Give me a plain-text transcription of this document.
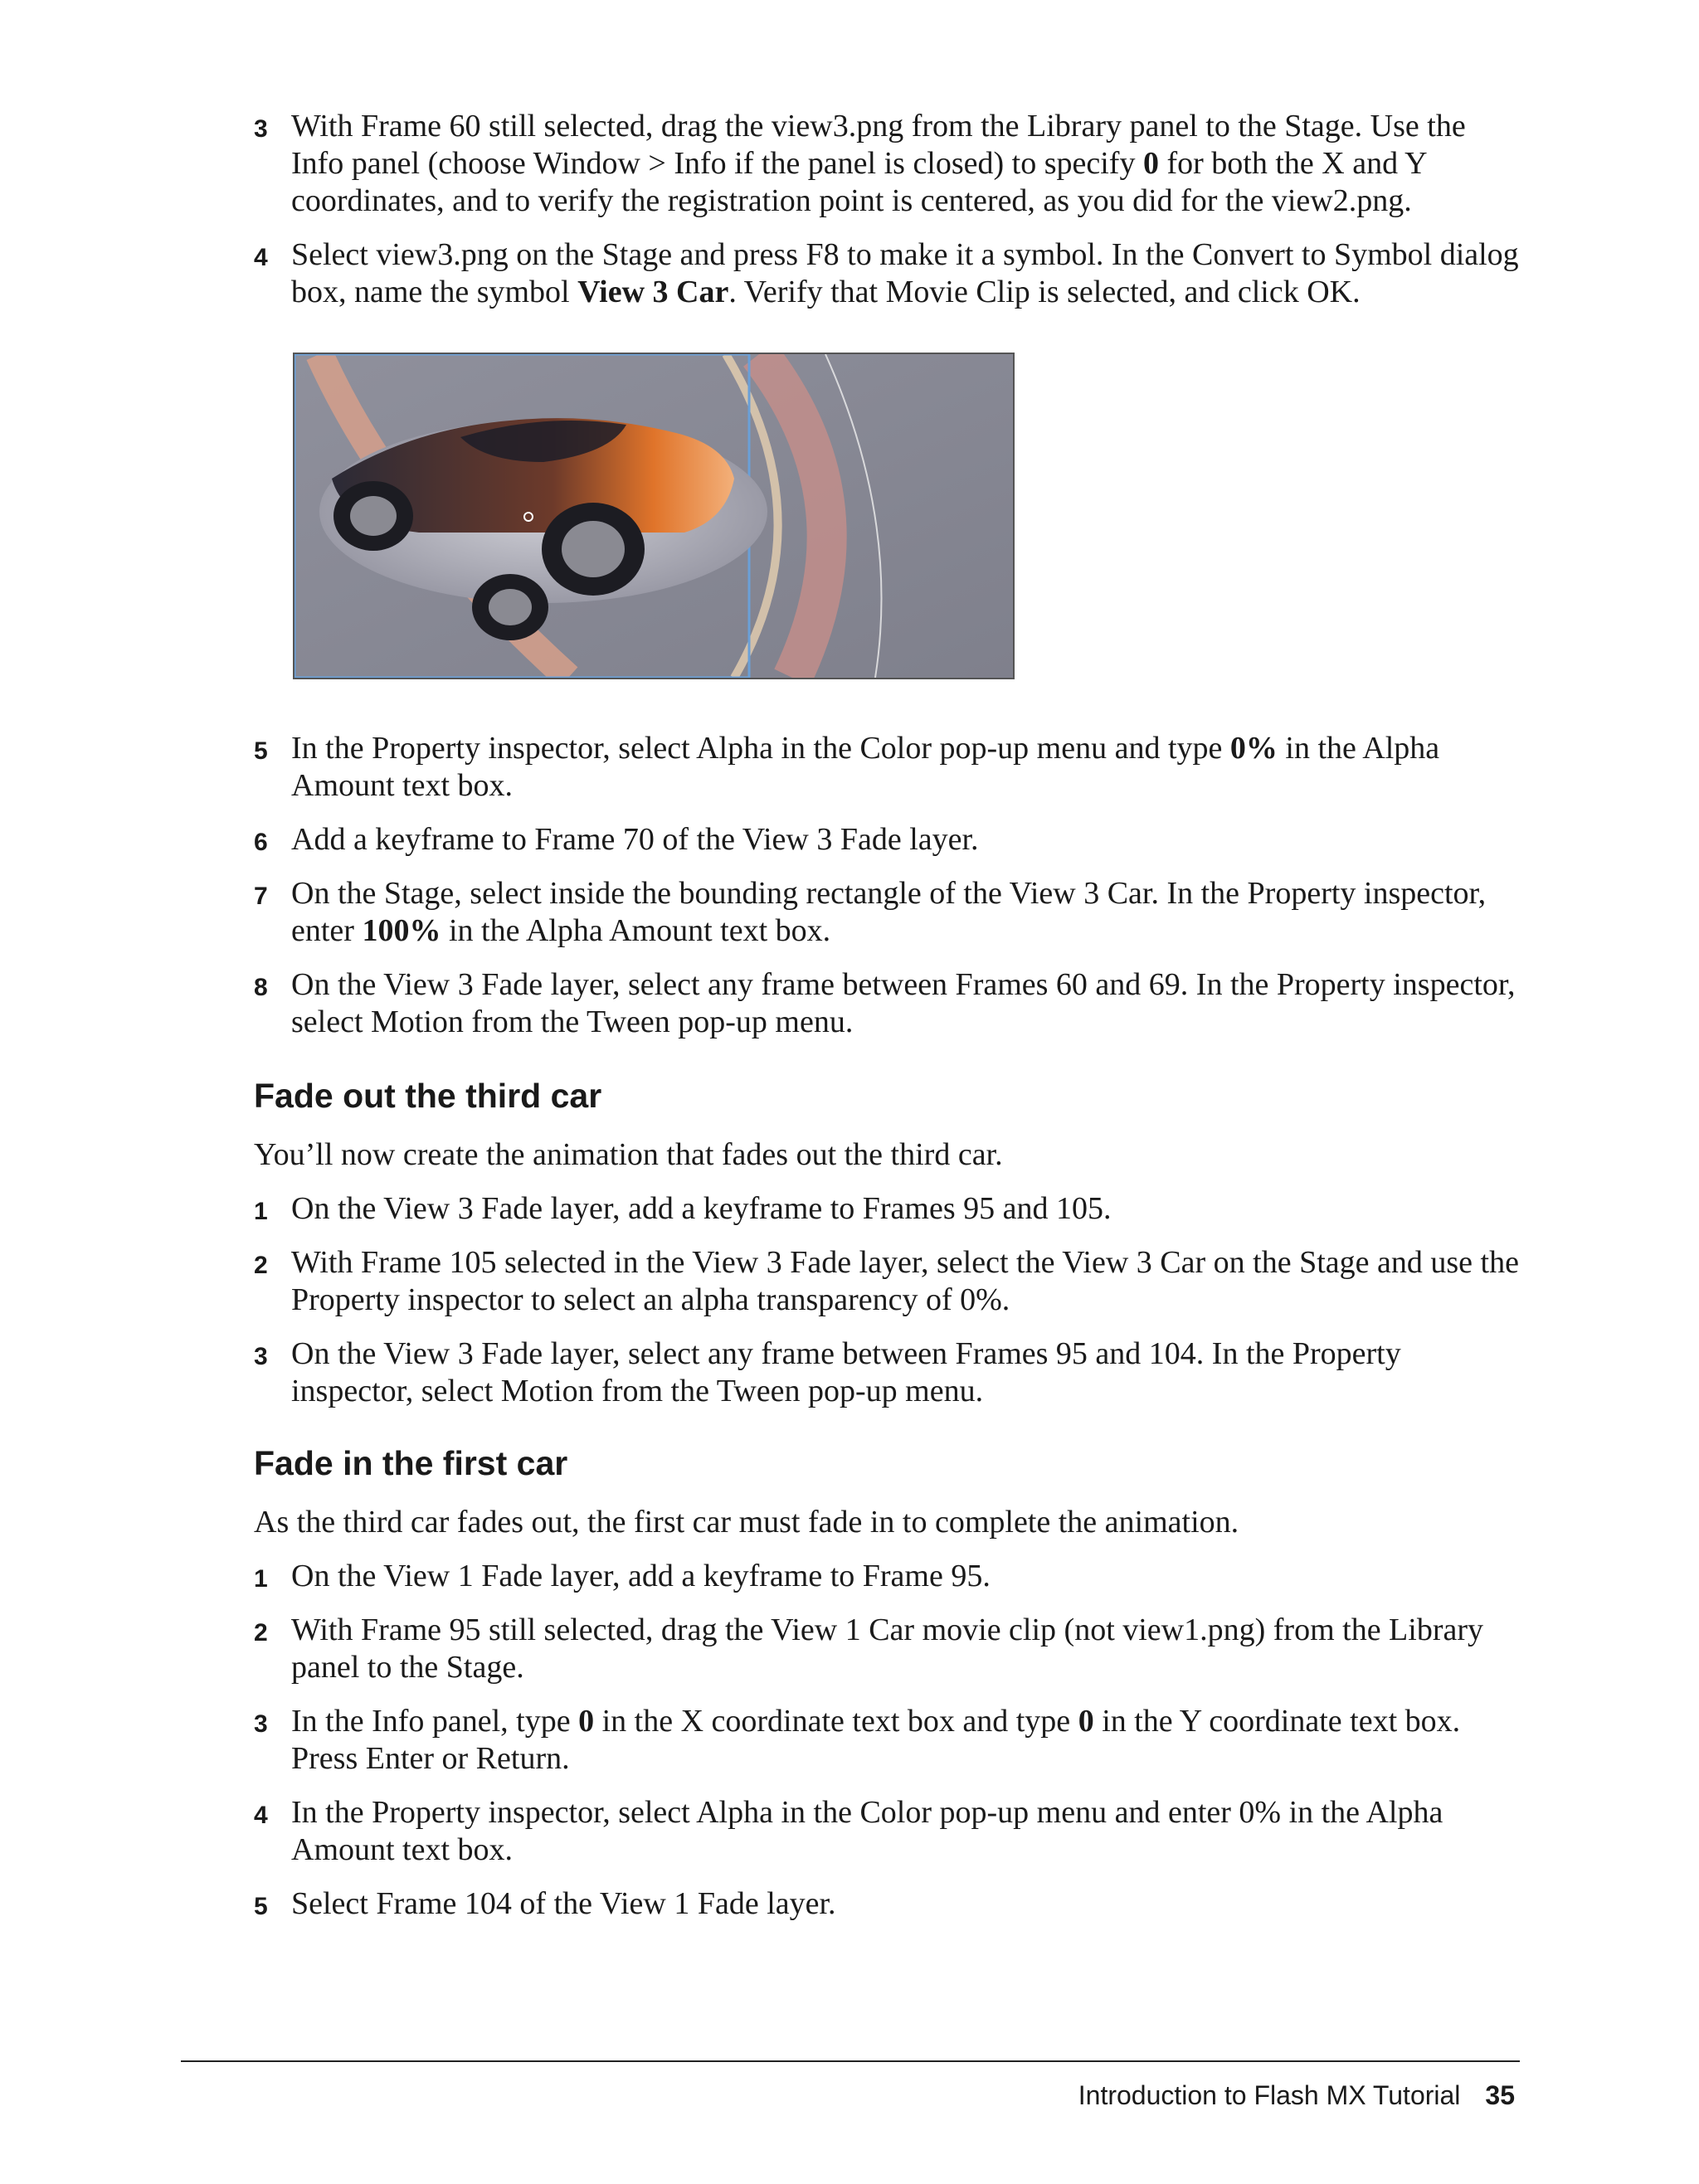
3 With Frame 60 still selected, drag the view3.png from the Library panel to the Stage. Use the Info panel (choose Window > Info if the panel is closed) to specify 0 for both the X and Y coordinates, and to verify the registration point is centered, as you did for the view2.png.
4 Select view3.png on the Stage and press F8 to make it a symbol. In the Convert to Symbol dialog box, name the symbol View 3 Car. Verify that Movie Clip is selected, and click OK.
5 In the Property inspector, select Alpha in the Color pop-up menu and type 0% in the Alpha Amount text box.
6 Add a keyframe to Frame 70 of the View 3 Fade layer.
7 On the Stage, select inside the bounding rectangle of the View 3 Car. In the Property inspector, enter 100% in the Alpha Amount text box.
8 On the View 3 Fade layer, select any frame between Frames 60 and 69. In the Property inspector, select Motion from the Tween pop-up menu.
Fade out the third car

You’ll now create the animation that fades out the third car.

1 On the View 3 Fade layer, add a keyframe to Frames 95 and 105.
2 With Frame 105 selected in the View 3 Fade layer, select the View 3 Car on the Stage and use the Property inspector to select an alpha transparency of 0%.
3 On the View 3 Fade layer, select any frame between Frames 95 and 104. In the Property inspector, select Motion from the Tween pop-up menu.
Fade in the first car

As the third car fades out, the first car must fade in to complete the animation.

1 On the View 1 Fade layer, add a keyframe to Frame 95.
2 With Frame 95 still selected, drag the View 1 Car movie clip (not view1.png) from the Library panel to the Stage.
3 In the Info panel, type 0 in the X coordinate text box and type 0 in the Y coordinate text box. Press Enter or Return.
4 In the Property inspector, select Alpha in the Color pop-up menu and enter 0% in the Alpha Amount text box.
5 Select Frame 104 of the View 1 Fade layer.
Introduction to Flash MX Tutorial 35
